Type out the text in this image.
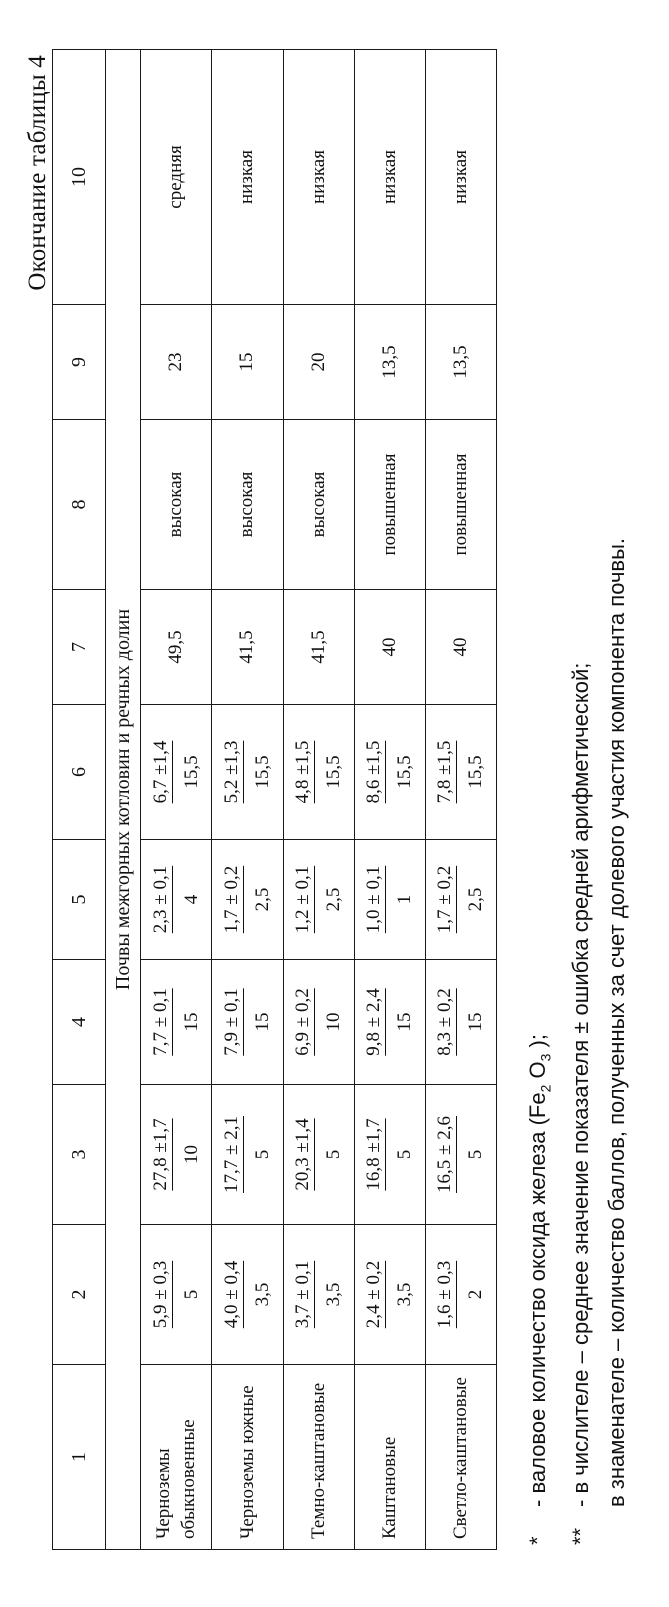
Окончание таблицы 4
1	2	3	4	5	6	7	8	9	10
Почвы межгорных котловин и речных долин									
Черноземы обыкновенные	5,9 ± 0,3 5	27,8 ±1,7 10	7,7 ± 0,1 15	2,3 ± 0,1 4	6,7 ±1,4 15,5	49,5	высокая	23	средняя
Черноземы южные	4,0 ± 0,4 3,5	17,7 ± 2,1 5	7,9 ± 0,1 15	1,7 ± 0,2 2,5	5,2 ±1,3 15,5	41,5	высокая	15	низкая
Темно-каштановые	3,7 ± 0,1 3,5	20,3 ±1,4 5	6,9 ± 0,2 10	1,2 ± 0,1 2,5	4,8 ±1,5 15,5	41,5	высокая	20	низкая
Каштановые	2,4 ± 0,2 3,5	16,8 ±1,7 5	9,8 ± 2,4 15	1,0 ± 0,1 1	8,6 ±1,5 15,5	40	повышенная	13,5	низкая
Светло-каштановые	1,6 ± 0,3 2	16,5 ± 2,6 5	8,3 ± 0,2 15	1,7 ± 0,2 2,5	7,8 ±1,5 15,5	40	повышенная	13,5	низкая
*- валовое количество оксида железа ($Fe_2$ $O_3$ );
**- в числителе – среднее значение показателя ± ошибка средней арифметической; в знаменателе – количество баллов, полученных за счет долевого участия компонента почвы.
